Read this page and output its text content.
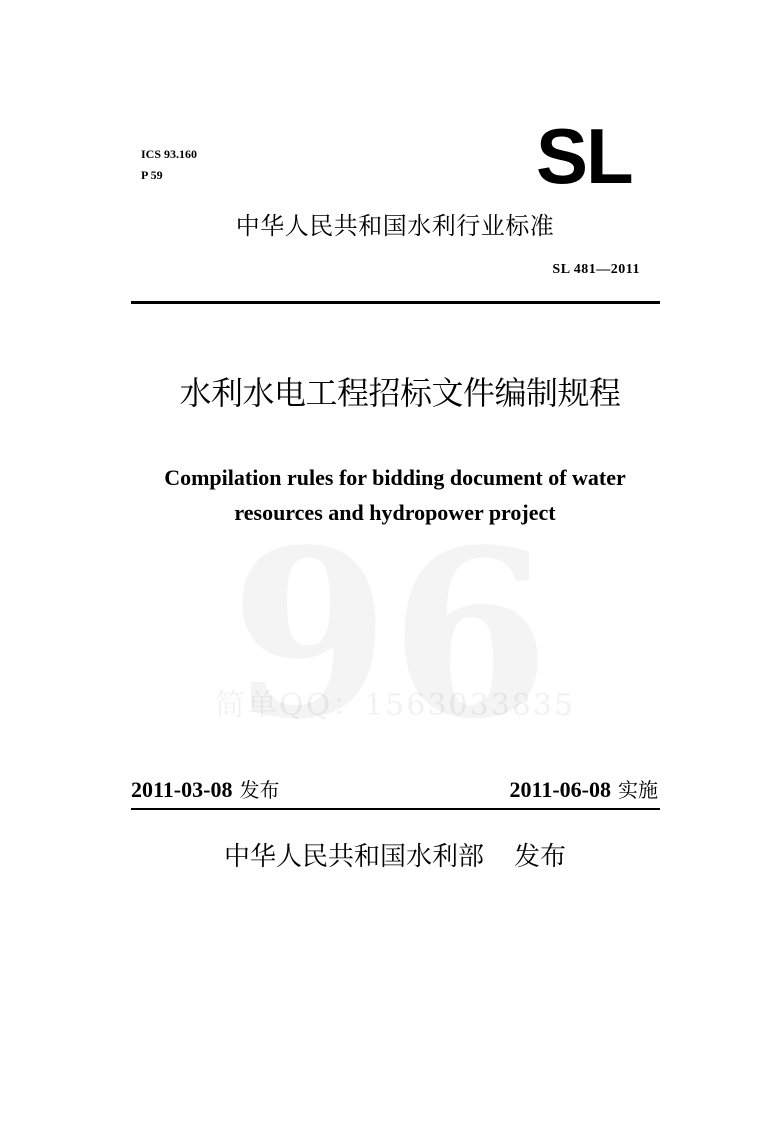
简单QQ：1563033835
ICS 93.160
P 59	SL
中华人民共和国水利行业标准
SL 481—2011
水利水电工程招标文件编制规程
Compilation rules for bidding document of water
resources and hydropower project
2011-03-08 发布	2011-06-08 实施
中华人民共和国水利部 发布
